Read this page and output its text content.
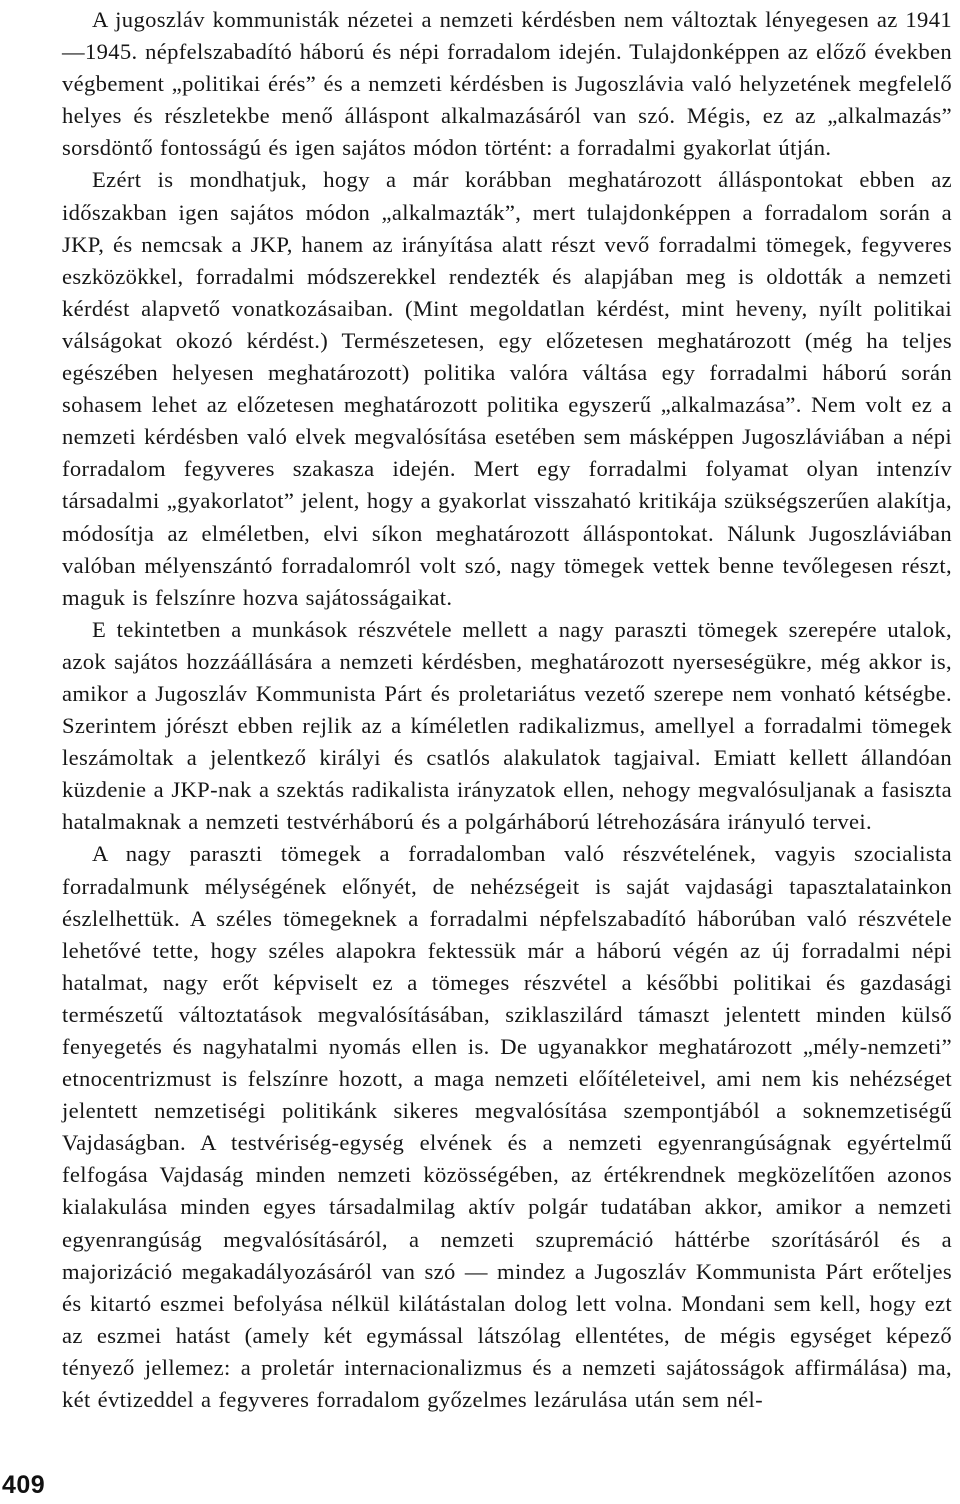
A jugoszláv kommunisták nézetei a nemzeti kérdésben nem változtak lényegesen az 1941—1945. népfelszabadító háború és népi forradalom idején. Tulajdonképpen az előző években végbement „politikai érés” és a nemzeti kérdésben is Jugoszlávia való helyzetének megfelelő helyes és részletekbe menő álláspont alkalmazásáról van szó. Mégis, ez az „alkalmazás” sorsdöntő fontosságú és igen sajátos módon történt: a forradalmi gyakorlat útján.

Ezért is mondhatjuk, hogy a már korábban meghatározott álláspontokat ebben az időszakban igen sajátos módon „alkalmazták”, mert tulajdonképpen a forradalom során a JKP, és nemcsak a JKP, hanem az irányítása alatt részt vevő forradalmi tömegek, fegyveres eszközökkel, forradalmi módszerekkel rendezték és alapjában meg is oldották a nemzeti kérdést alapvető vonatkozásaiban. (Mint megoldatlan kérdést, mint heveny, nyílt politikai válságokat okozó kérdést.) Természetesen, egy előzetesen meghatározott (még ha teljes egészében helyesen meghatározott) politika valóra váltása egy forradalmi háború során sohasem lehet az előzetesen meghatározott politika egyszerű „alkalmazása”. Nem volt ez a nemzeti kérdésben való elvek megvalósítása esetében sem másképpen Jugoszláviában a népi forradalom fegyveres szakasza idején. Mert egy forradalmi folyamat olyan intenzív társadalmi „gyakorlatot” jelent, hogy a gyakorlat visszaható kritikája szükségszerűen alakítja, módosítja az elméletben, elvi síkon meghatározott álláspontokat. Nálunk Jugoszláviában valóban mélyenszántó forradalomról volt szó, nagy tömegek vettek benne tevőlegesen részt, maguk is felszínre hozva sajátosságaikat.

E tekintetben a munkások részvétele mellett a nagy paraszti tömegek szerepére utalok, azok sajátos hozzáállására a nemzeti kérdésben, meghatározott nyerseségükre, még akkor is, amikor a Jugoszláv Kommunista Párt és proletariátus vezető szerepe nem vonható kétségbe. Szerintem jórészt ebben rejlik az a kíméletlen radikalizmus, amellyel a forradalmi tömegek leszámoltak a jelentkező királyi és csatlós alakulatok tagjaival. Emiatt kellett állandóan küzdenie a JKP-nak a szektás radikalista irányzatok ellen, nehogy megvalósuljanak a fasiszta hatalmaknak a nemzeti testvérháború és a polgárháború létrehozására irányuló tervei.

A nagy paraszti tömegek a forradalomban való részvételének, vagyis szocialista forradalmunk mélységének előnyét, de nehézségeit is saját vajdasági tapasztalatainkon észlelhettük. A széles tömegeknek a forradalmi népfelszabadító háborúban való részvétele lehetővé tette, hogy széles alapokra fektessük már a háború végén az új forradalmi népi hatalmat, nagy erőt képviselt ez a tömeges részvétel a későbbi politikai és gazdasági természetű változtatások megvalósításában, sziklaszilárd támaszt jelentett minden külső fenyegetés és nagyhatalmi nyomás ellen is. De ugyanakkor meghatározott „mély-nemzeti” etnocentrizmust is felszínre hozott, a maga nemzeti előítéleteivel, ami nem kis nehézséget jelentett nemzetiségi politikánk sikeres megvalósítása szempontjából a soknemzetiségű Vajdaságban. A testvériség-egység elvének és a nemzeti egyenrangúságnak egyértelmű felfogása Vajdaság minden nemzeti közösségében, az értékrendnek megközelítően azonos kialakulása minden egyes társadalmilag aktív polgár tudatában akkor, amikor a nemzeti egyenrangúság megvalósításáról, a nemzeti szupremáció háttérbe szorításáról és a majorizáció megakadályozásáról van szó — mindez a Jugoszláv Kommunista Párt erőteljes és kitartó eszmei befolyása nélkül kilátástalan dolog lett volna. Mondani sem kell, hogy ezt az eszmei hatást (amely két egymással látszólag ellentétes, de mégis egységet képező tényező jellemez: a proletár internacionalizmus és a nemzeti sajátosságok affirmálása) ma, két évtizeddel a fegyveres forradalom győzelmes lezárulása után sem nél-

409
